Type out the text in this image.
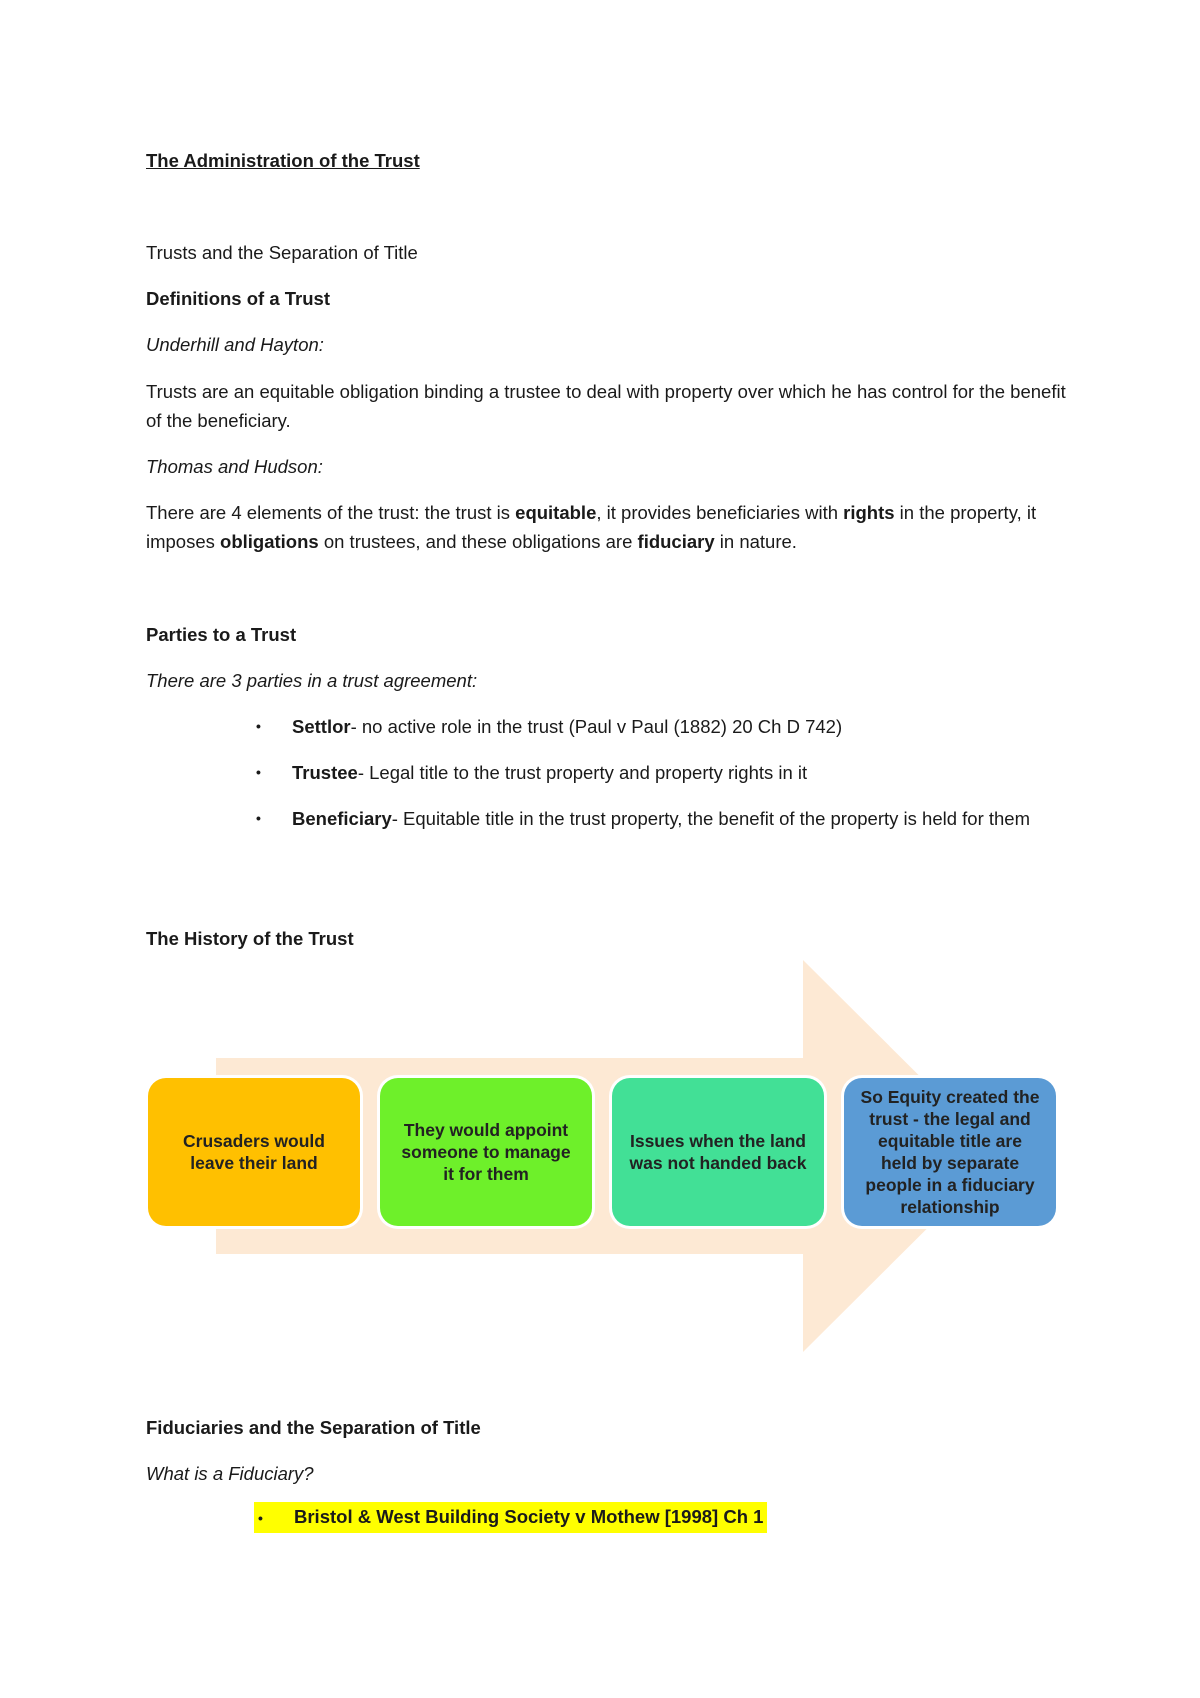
The Administration of the Trust

Trusts and the Separation of Title

Definitions of a Trust

Underhill and Hayton:

Trusts are an equitable obligation binding a trustee to deal with property over which he has control for the benefit of the beneficiary.

Thomas and Hudson:

There are 4 elements of the trust: the trust is equitable, it provides beneficiaries with rights in the property, it imposes obligations on trustees, and these obligations are fiduciary in nature.

Parties to a Trust

There are 3 parties in a trust agreement:

• Settlor- no active role in the trust (Paul v Paul (1882) 20 Ch D 742)
• Trustee- Legal title to the trust property and property rights in it
• Beneficiary- Equitable title in the trust property, the benefit of the property is held for them

The History of the Trust

Crusaders would leave their land
They would appoint someone to manage it for them
Issues when the land was not handed back
So Equity created the trust - the legal and equitable title are held by separate people in a fiduciary relationship

Fiduciaries and the Separation of Title

What is a Fiduciary?

• Bristol & West Building Society v Mothew [1998] Ch 1
